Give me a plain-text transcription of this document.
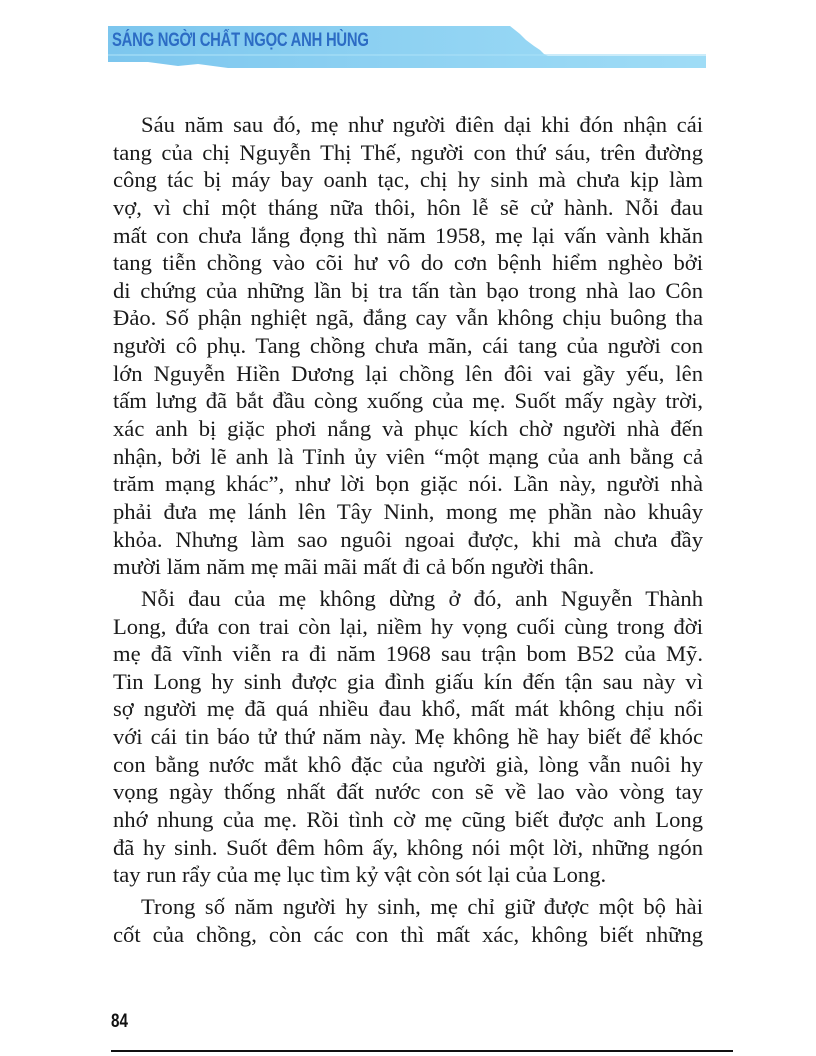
SÁNG NGỜI CHẤT NGỌC ANH HÙNG
Sáu năm sau đó, mẹ như người điên dại khi đón nhận cái
tang của chị Nguyễn Thị Thế, người con thứ sáu, trên đường
công tác bị máy bay oanh tạc, chị hy sinh mà chưa kịp làm
vợ, vì chỉ một tháng nữa thôi, hôn lễ sẽ cử hành. Nỗi đau
mất con chưa lắng đọng thì năm 1958, mẹ lại vấn vành khăn
tang tiễn chồng vào cõi hư vô do cơn bệnh hiểm nghèo bởi
di chứng của những lần bị tra tấn tàn bạo trong nhà lao Côn
Đảo. Số phận nghiệt ngã, đắng cay vẫn không chịu buông tha
người cô phụ. Tang chồng chưa mãn, cái tang của người con
lớn Nguyễn Hiền Dương lại chồng lên đôi vai gầy yếu, lên
tấm lưng đã bắt đầu còng xuống của mẹ. Suốt mấy ngày trời,
xác anh bị giặc phơi nắng và phục kích chờ người nhà đến
nhận, bởi lẽ anh là Tỉnh ủy viên “một mạng của anh bằng cả
trăm mạng khác”, như lời bọn giặc nói. Lần này, người nhà
phải đưa mẹ lánh lên Tây Ninh, mong mẹ phần nào khuây
khỏa. Nhưng làm sao nguôi ngoai được, khi mà chưa đầy
mười lăm năm mẹ mãi mãi mất đi cả bốn người thân.
Nỗi đau của mẹ không dừng ở đó, anh Nguyễn Thành
Long, đứa con trai còn lại, niềm hy vọng cuối cùng trong đời
mẹ đã vĩnh viễn ra đi năm 1968 sau trận bom B52 của Mỹ.
Tin Long hy sinh được gia đình giấu kín đến tận sau này vì
sợ người mẹ đã quá nhiều đau khổ, mất mát không chịu nổi
với cái tin báo tử thứ năm này. Mẹ không hề hay biết để khóc
con bằng nước mắt khô đặc của người già, lòng vẫn nuôi hy
vọng ngày thống nhất đất nước con sẽ về lao vào vòng tay
nhớ nhung của mẹ. Rồi tình cờ mẹ cũng biết được anh Long
đã hy sinh. Suốt đêm hôm ấy, không nói một lời, những ngón
tay run rẩy của mẹ lục tìm kỷ vật còn sót lại của Long.
Trong số năm người hy sinh, mẹ chỉ giữ được một bộ hài
cốt của chồng, còn các con thì mất xác, không biết những
84
